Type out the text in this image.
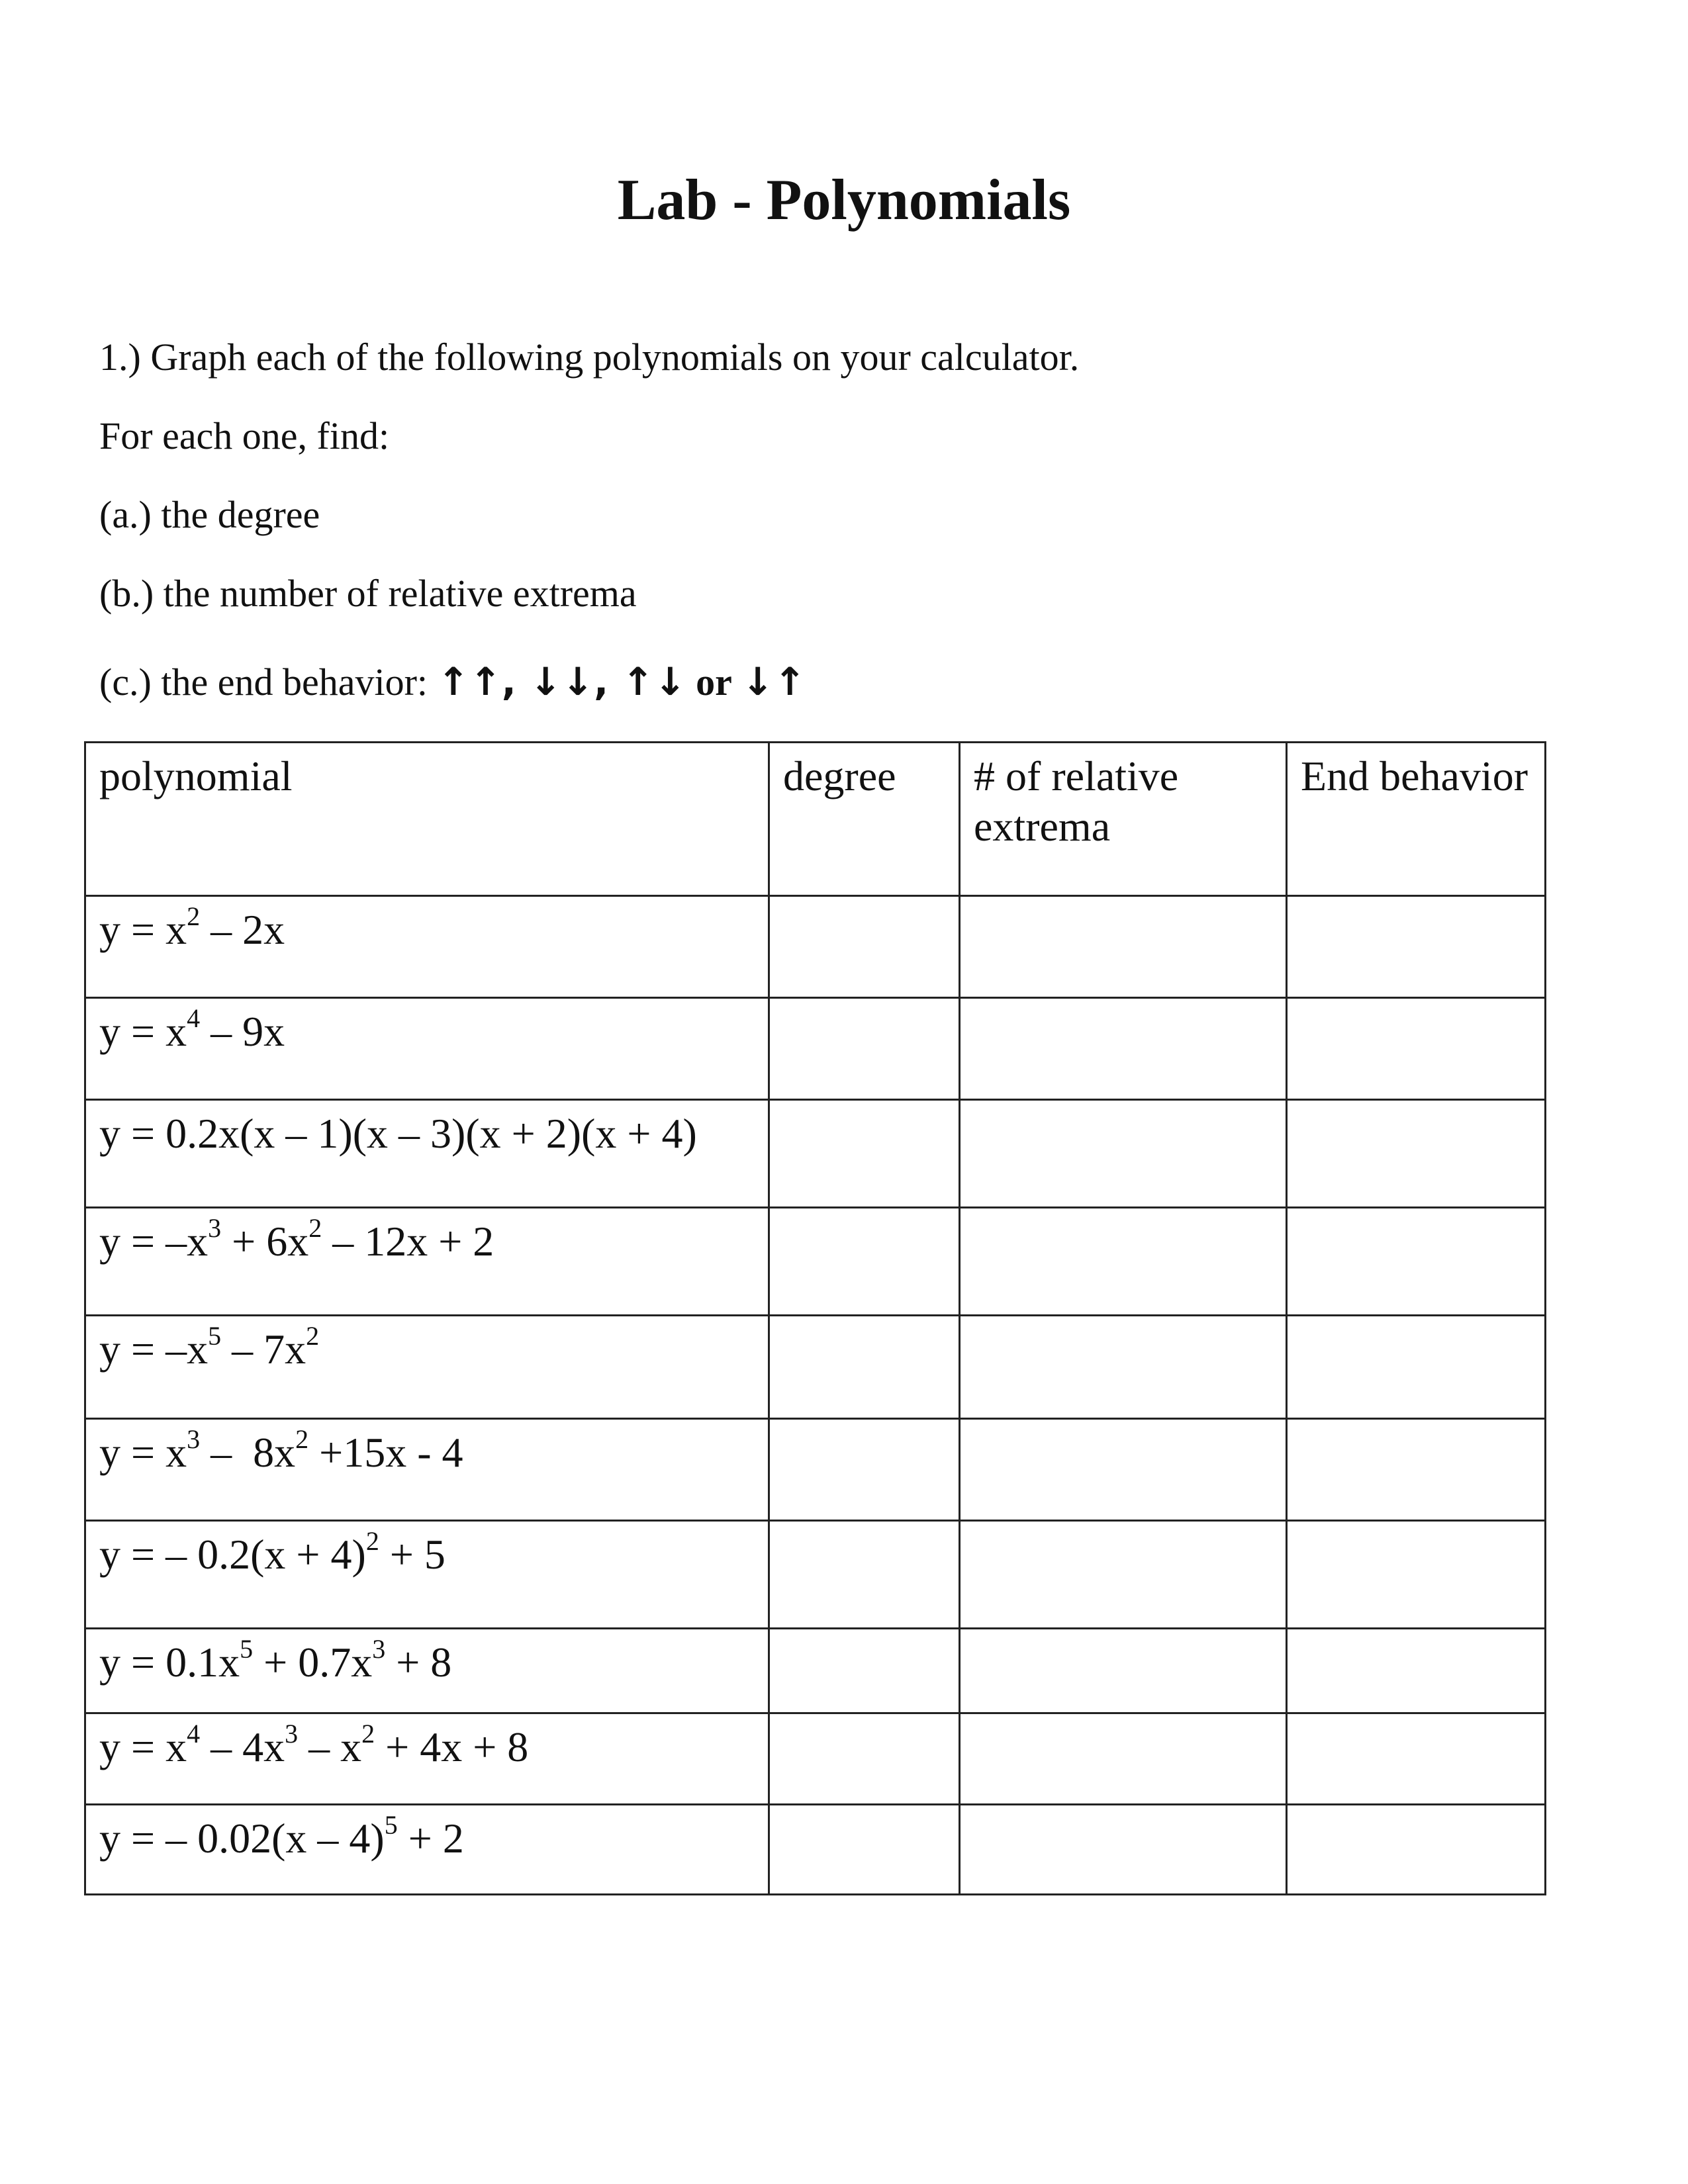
Lab - Polynomials
1.) Graph each of the following polynomials on your calculator.
For each one, find:
(a.) the degree
(b.) the number of relative extrema
(c.) the end behavior: ↑↑, ↓↓, ↑↓ or ↓↑
polynomial	degree	# of relative extrema	End behavior
$y = x^2 - 2x$			
$y = x^4 - 9x$			
y = 0.2x(x – 1)(x – 3)(x + 2)(x + 4)			
$y = -x^3 + 6x^2 - 12x + 2$			
$y = -x^5 - 7x^2$			
$y = x^3 - 8x^2 +15x - 4$			
y = – $0.2(x + 4)^2 + 5$			
$y = 0.1x^5 + 0.7x^3 + 8$			
$y = x^4 - 4x^3 - x^2 + 4x + 8$			
y = – 0.02(x – 4)$^5$ + 2			
